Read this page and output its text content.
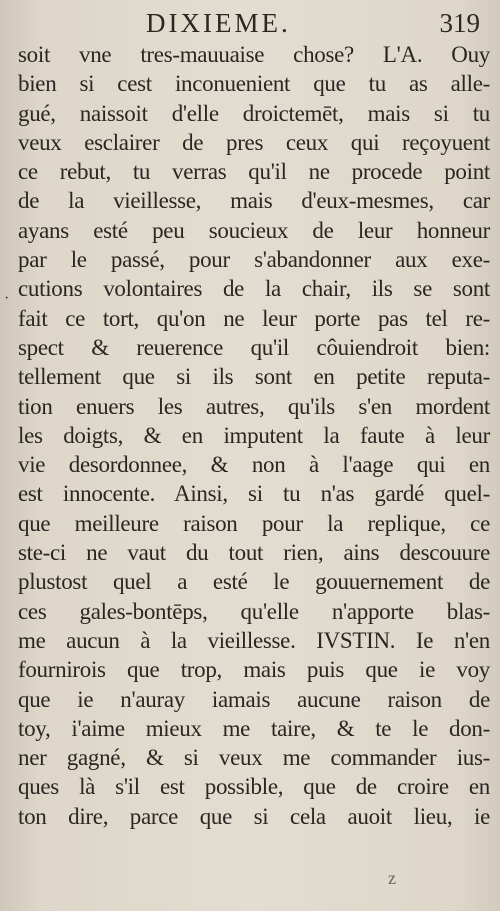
DIXIEME.	319
·
soit vne tres-mauuaise chose? L'A. Ouy
bien si cest inconuenient que tu as alle-
gué, naissoit d'elle droictemēt, mais si tu
veux esclairer de pres ceux qui reçoyuent
ce rebut, tu verras qu'il ne procede point
de la vieillesse, mais d'eux-mesmes, car
ayans esté peu soucieux de leur honneur
par le passé, pour s'abandonner aux exe-
cutions volontaires de la chair, ils se sont
fait ce tort, qu'on ne leur porte pas tel re-
spect & reuerence qu'il côuiendroit bien:
tellement que si ils sont en petite reputa-
tion enuers les autres, qu'ils s'en mordent
les doigts, & en imputent la faute à leur
vie desordonnee, & non à l'aage qui en
est innocente. Ainsi, si tu n'as gardé quel-
que meilleure raison pour la replique, ce
ste-ci ne vaut du tout rien, ains descouure
plustost quel a esté le gouuernement de
ces gales-bontēps, qu'elle n'apporte blas-
me aucun à la vieillesse. IVSTIN. Ie n'en
fournirois que trop, mais puis que ie voy
que ie n'auray iamais aucune raison de
toy, i'aime mieux me taire, & te le don-
ner gagné, & si veux me commander ius-
ques là s'il est possible, que de croire en
ton dire, parce que si cela auoit lieu, ie
z
